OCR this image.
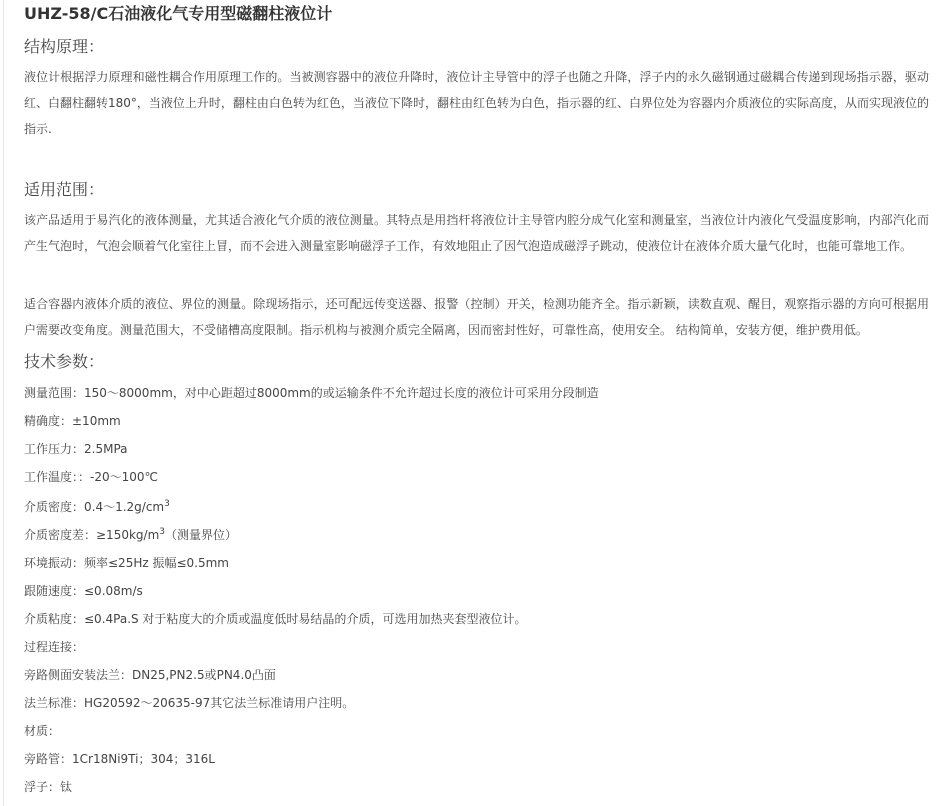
UHZ-58/C石油液化气专用型磁翻柱液位计
结构原理：
液位计根据浮力原理和磁性耦合作用原理工作的。当被测容器中的液位升降时，液位计主导管中的浮子也随之升降，浮子内的永久磁钢通过磁耦合传递到现场指示器，驱动红、白翻柱翻转180°，当液位上升时，翻柱由白色转为红色，当液位下降时，翻柱由红色转为白色，指示器的红、白界位处为容器内介质液位的实际高度，从而实现液位的指示.
适用范围：
该产品适用于易汽化的液体测量，尤其适合液化气介质的液位测量。其特点是用挡杆将液位计主导管内腔分成气化室和测量室，当液位计内液化气受温度影响，内部汽化而产生气泡时，气泡会顺着气化室往上冒，而不会进入测量室影响磁浮子工作，有效地阻止了因气泡造成磁浮子跳动，使液位计在液体介质大量气化时，也能可靠地工作。
适合容器内液体介质的液位、界位的测量。除现场指示，还可配远传变送器、报警（控制）开关，检测功能齐全。指示新颖，读数直观、醒目，观察指示器的方向可根据用户需要改变角度。测量范围大，不受储槽高度限制。指示机构与被测介质完全隔离，因而密封性好，可靠性高，使用安全。 结构简单，安装方便，维护费用低。
技术参数：
测量范围：150～8000mm，对中心距超过8000mm的或运输条件不允许超过长度的液位计可采用分段制造
精确度：±10mm
工作压力：2.5MPa
工作温度：：-20～100℃
介质密度：$0.4\sim 1.2g/cm^3$
介质密度差：$\ge 150kg/m^3$（测量界位）
环境振动：频率≤25Hz 振幅≤0.5mm
跟随速度：≤0.08m/s
介质粘度：≤0.4Pa.S 对于粘度大的介质或温度低时易结晶的介质，可选用加热夹套型液位计。
过程连接：
旁路侧面安装法兰：DN25,PN2.5或PN4.0凸面
法兰标准：HG20592～20635-97其它法兰标准请用户注明。
材质：
旁路管：1Cr18Ni9Ti；304；316L
浮子：钛
